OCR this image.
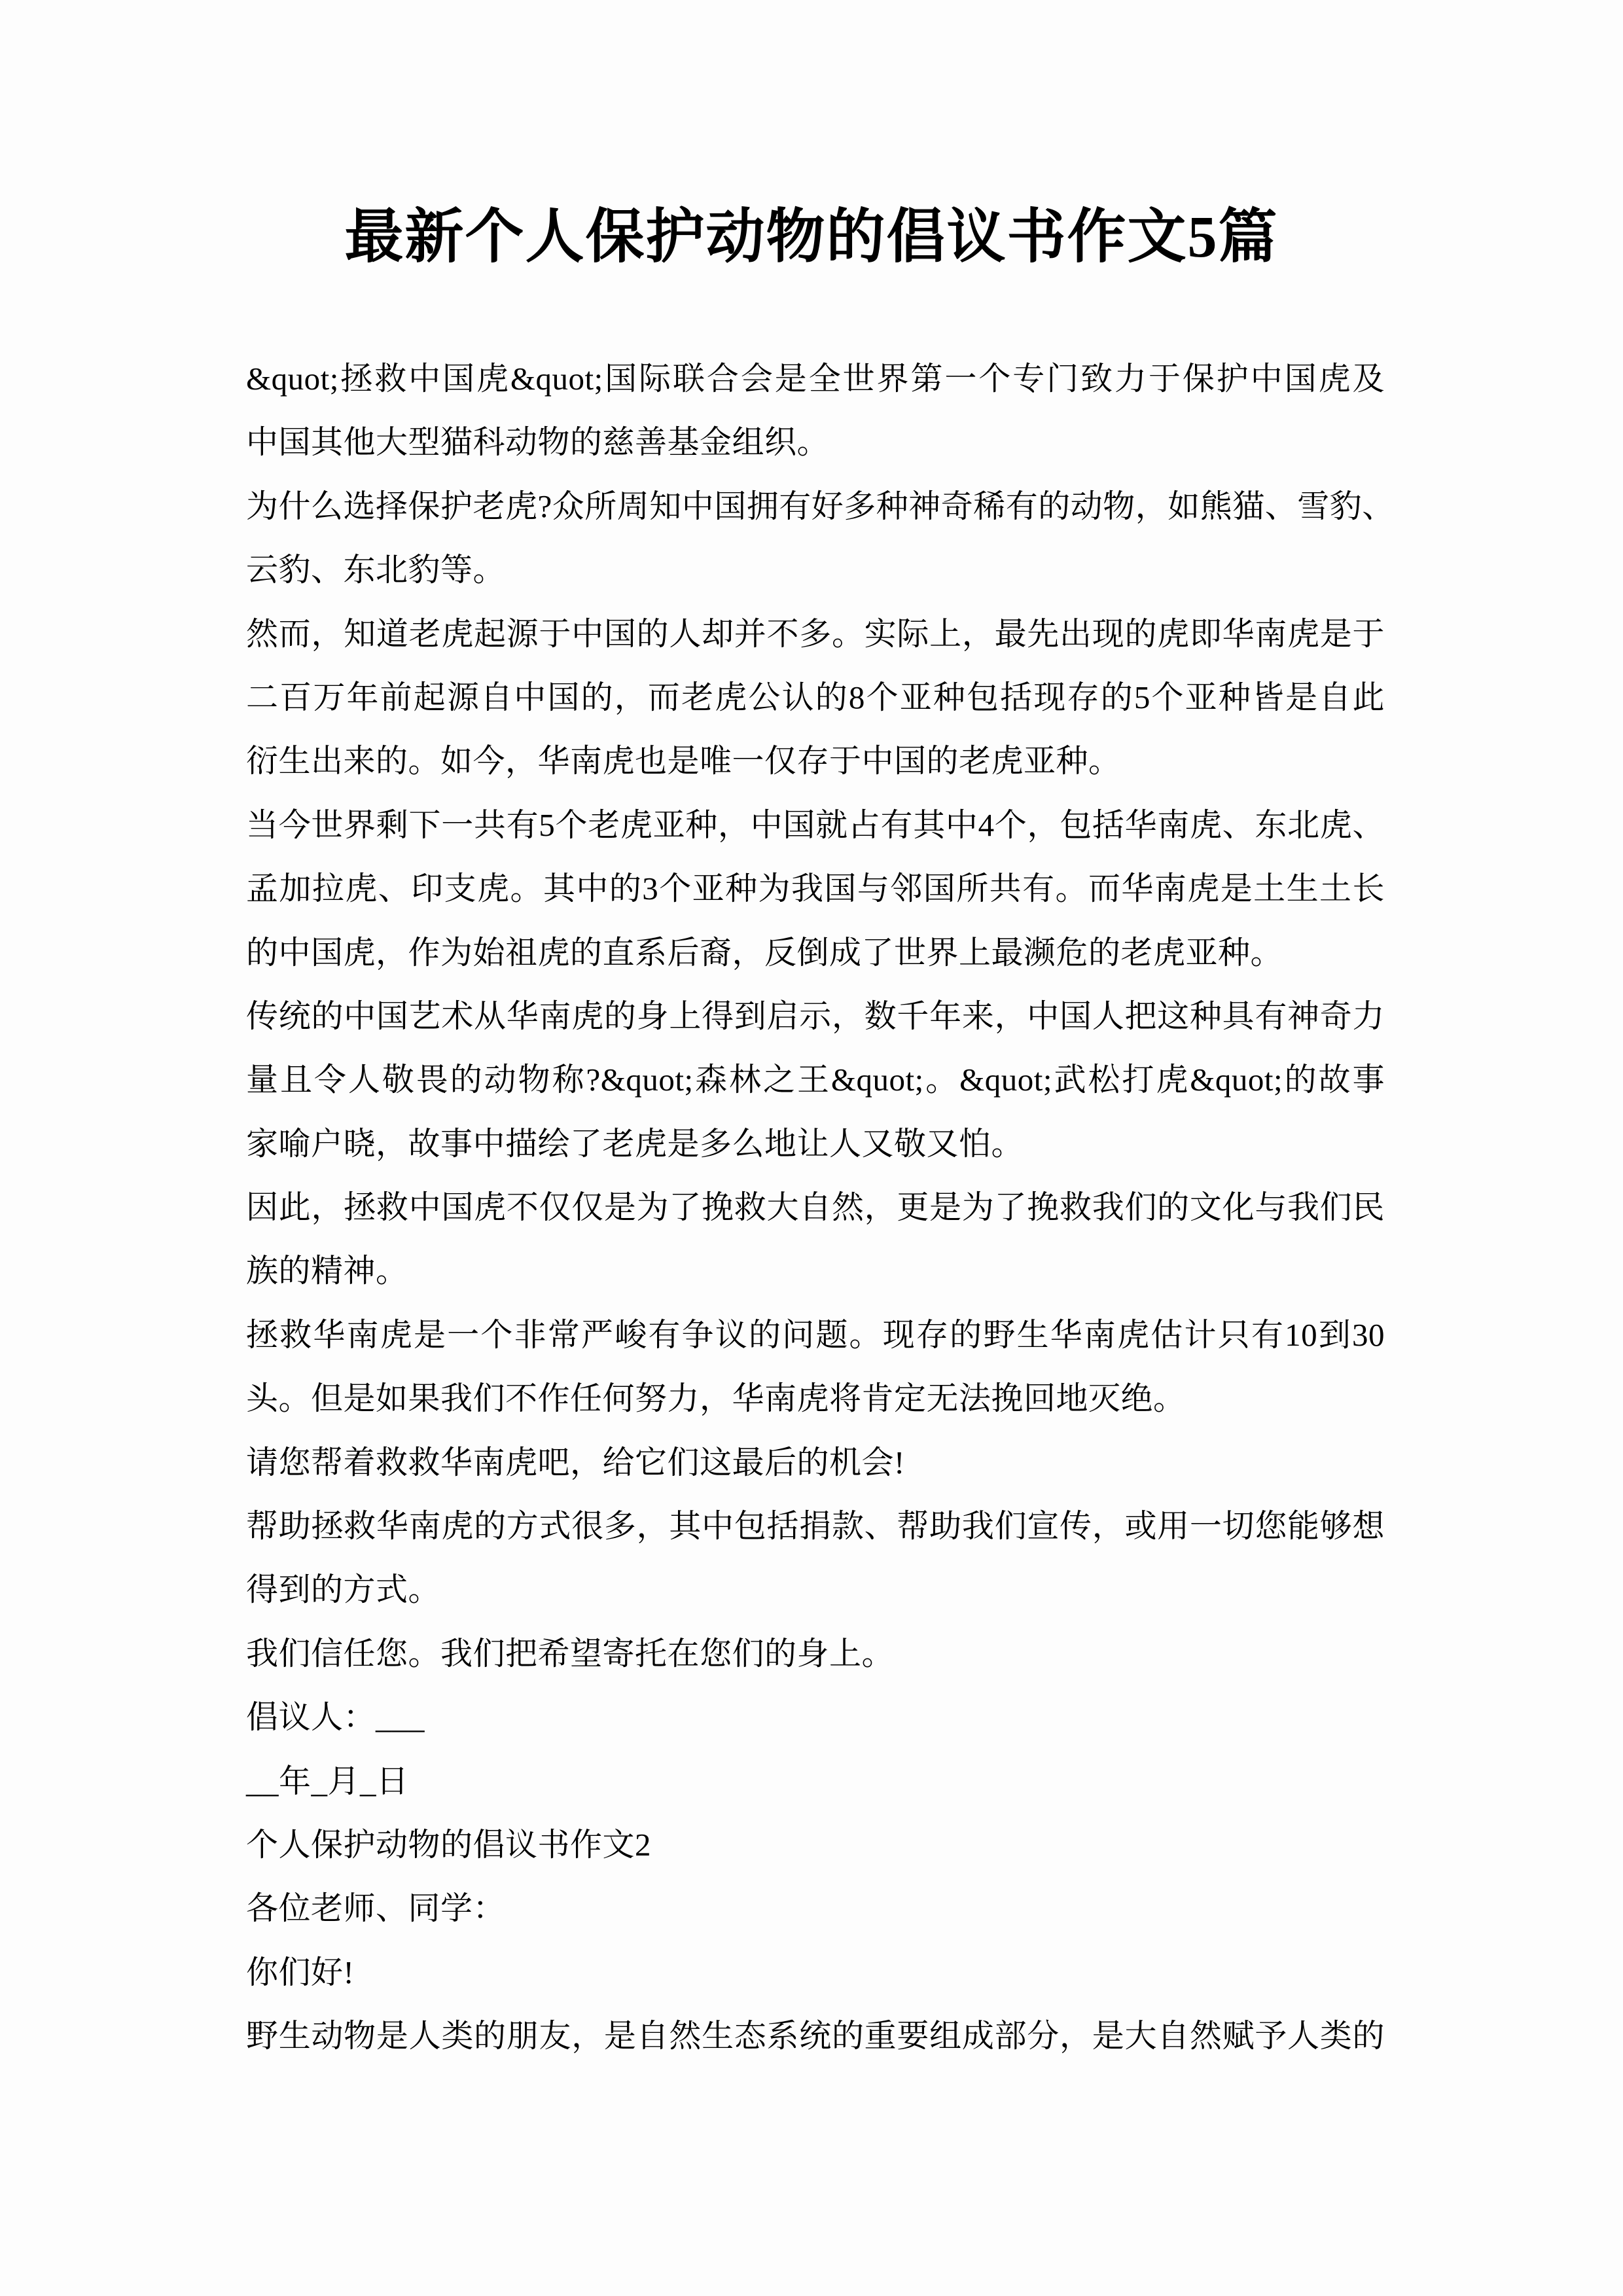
最新个人保护动物的倡议书作文5篇

&quot;拯救中国虎&quot;国际联合会是全世界第一个专门致力于保护中国虎及
中国其他大型猫科动物的慈善基金组织。

为什么选择保护老虎?众所周知中国拥有好多种神奇稀有的动物，如熊猫、雪豹、
云豹、东北豹等。

然而，知道老虎起源于中国的人却并不多。实际上，最先出现的虎即华南虎是于
二百万年前起源自中国的，而老虎公认的8个亚种包括现存的5个亚种皆是自此
衍生出来的。如今，华南虎也是唯一仅存于中国的老虎亚种。

当今世界剩下一共有5个老虎亚种，中国就占有其中4个，包括华南虎、东北虎、
孟加拉虎、印支虎。其中的3个亚种为我国与邻国所共有。而华南虎是土生土长
的中国虎，作为始祖虎的直系后裔，反倒成了世界上最濒危的老虎亚种。

传统的中国艺术从华南虎的身上得到启示，数千年来，中国人把这种具有神奇力
量且令人敬畏的动物称?&quot;森林之王&quot;。&quot;武松打虎&quot;的故事
家喻户晓，故事中描绘了老虎是多么地让人又敬又怕。

因此，拯救中国虎不仅仅是为了挽救大自然，更是为了挽救我们的文化与我们民
族的精神。

拯救华南虎是一个非常严峻有争议的问题。现存的野生华南虎估计只有10到30
头。但是如果我们不作任何努力，华南虎将肯定无法挽回地灭绝。

请您帮着救救华南虎吧，给它们这最后的机会!

帮助拯救华南虎的方式很多，其中包括捐款、帮助我们宣传，或用一切您能够想
得到的方式。

我们信任您。我们把希望寄托在您们的身上。

倡议人：___

__年_月_日

个人保护动物的倡议书作文2

各位老师、同学：

你们好!

野生动物是人类的朋友，是自然生态系统的重要组成部分，是大自然赋予人类的
